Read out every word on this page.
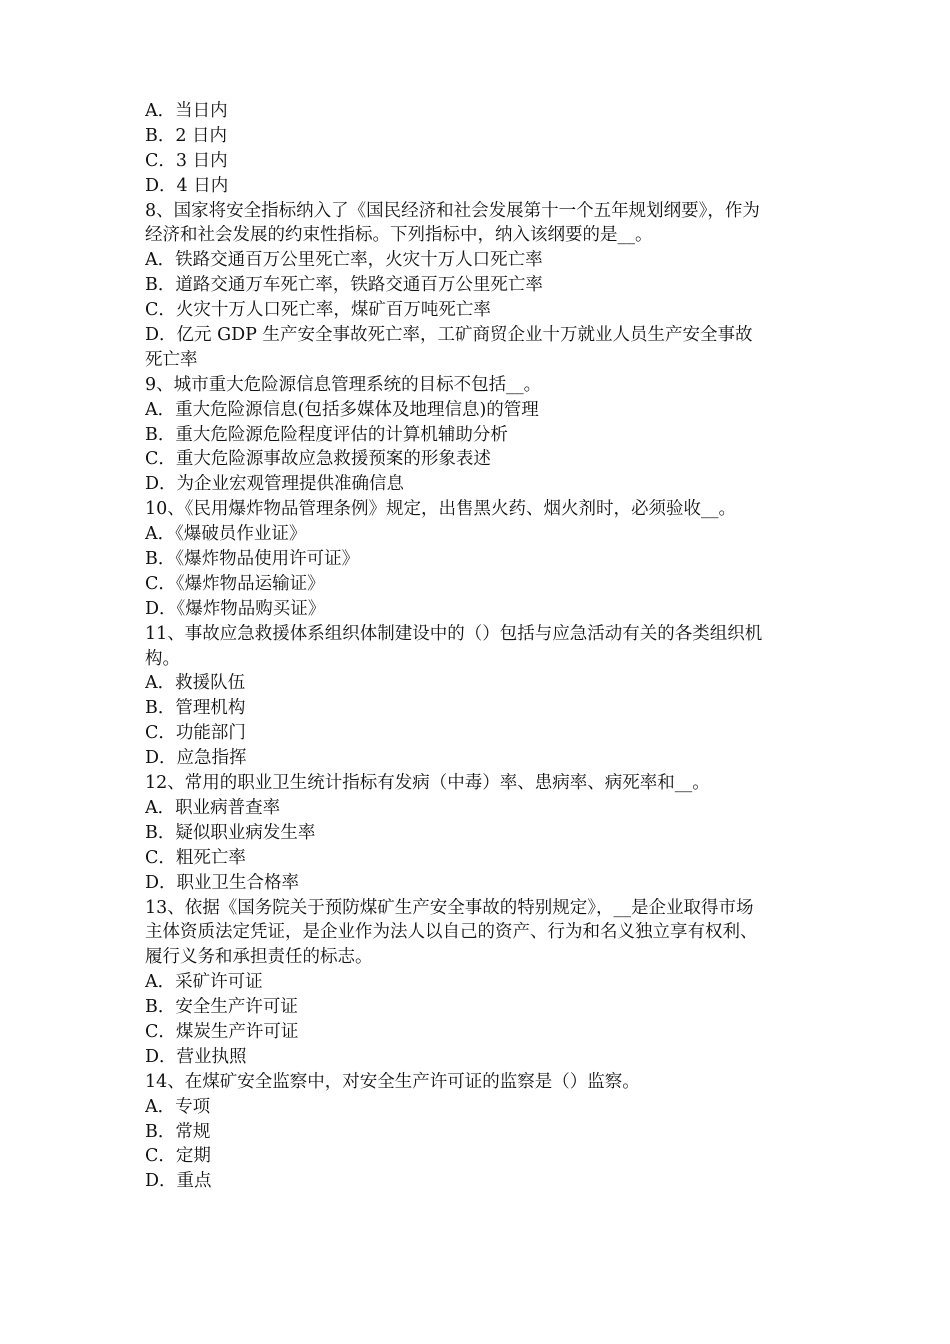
A．当日内
B．2 日内
C．3 日内
D．4 日内
8、国家将安全指标纳入了《国民经济和社会发展第十一个五年规划纲要》，作为
经济和社会发展的约束性指标。下列指标中，纳入该纲要的是__。
A．铁路交通百万公里死亡率，火灾十万人口死亡率
B．道路交通万车死亡率，铁路交通百万公里死亡率
C．火灾十万人口死亡率，煤矿百万吨死亡率
D．亿元 GDP 生产安全事故死亡率，工矿商贸企业十万就业人员生产安全事故
死亡率
9、城市重大危险源信息管理系统的目标不包括__。
A．重大危险源信息(包括多媒体及地理信息)的管理
B．重大危险源危险程度评估的计算机辅助分析
C．重大危险源事故应急救援预案的形象表述
D．为企业宏观管理提供准确信息
10、《民用爆炸物品管理条例》规定，出售黑火药、烟火剂时，必须验收__。
A．《爆破员作业证》
B．《爆炸物品使用许可证》
C．《爆炸物品运输证》
D．《爆炸物品购买证》
11、事故应急救援体系组织体制建设中的（）包括与应急活动有关的各类组织机
构。
A．救援队伍
B．管理机构
C．功能部门
D．应急指挥
12、常用的职业卫生统计指标有发病（中毒）率、患病率、病死率和__。
A．职业病普查率
B．疑似职业病发生率
C．粗死亡率
D．职业卫生合格率
13、依据《国务院关于预防煤矿生产安全事故的特别规定》，__是企业取得市场
主体资质法定凭证，是企业作为法人以自己的资产、行为和名义独立享有权利、
履行义务和承担责任的标志。
A．采矿许可证
B．安全生产许可证
C．煤炭生产许可证
D．营业执照
14、在煤矿安全监察中，对安全生产许可证的监察是（）监察。
A．专项
B．常规
C．定期
D．重点
